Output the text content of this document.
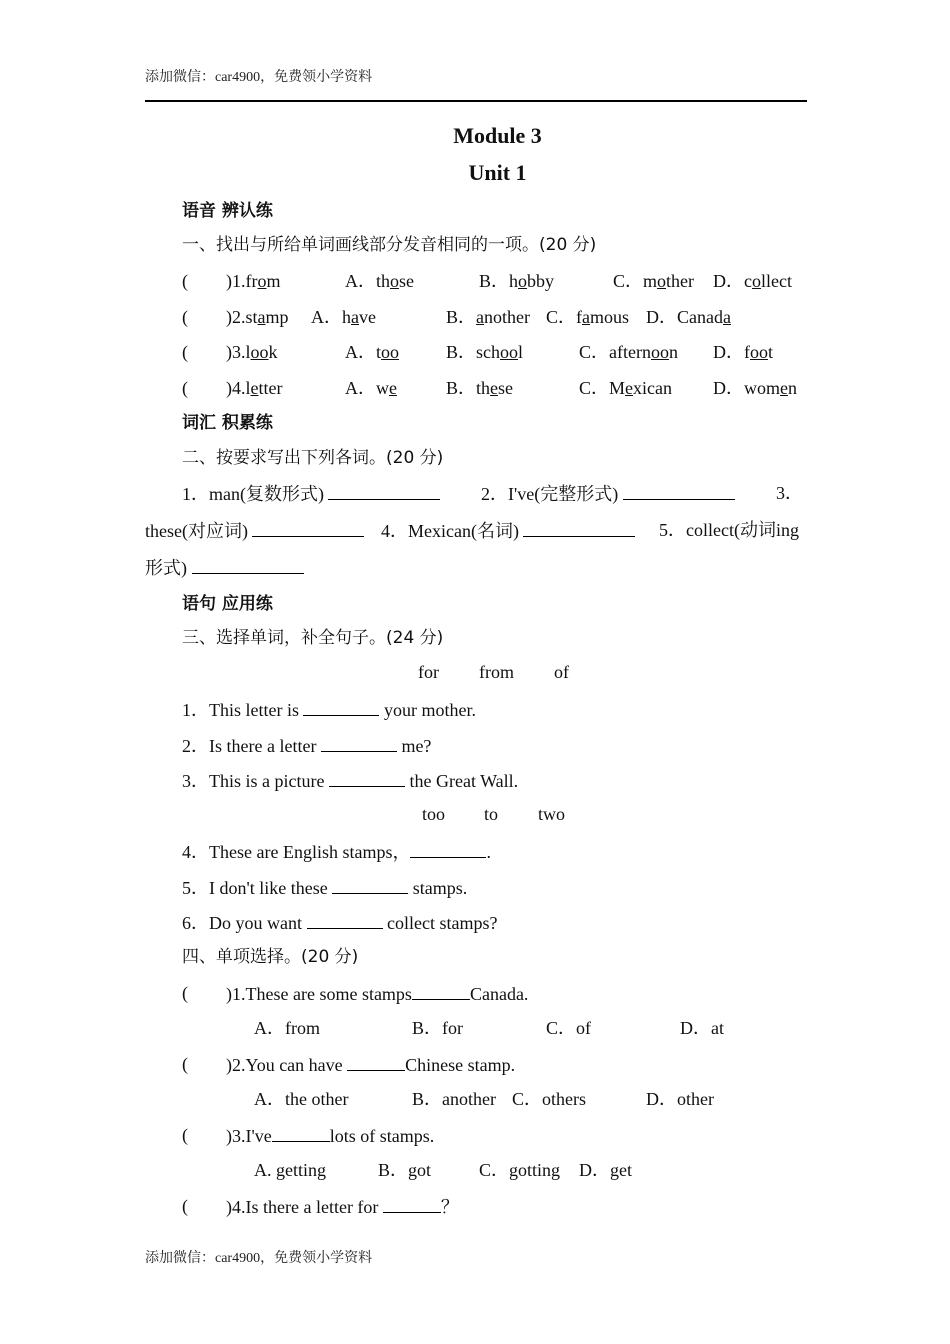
添加微信：car4900，免费领小学资料
Module 3
Unit 1
语音 辨认练
一、找出与所给单词画线部分发音相同的一项。(20 分)
( )1.from	A．those	B．hobby	C．mother D．collect
( )2.stamp A．have	B．another C．famous D．Canada
( )3.look	A．too	B．school	C．afternoon D．foot
( )4.letter	A．we	B．these	C．Mexican D．women
词汇 积累练
二、按要求写出下列各词。(20 分)
1．man(复数形式)	2．I've(完整形式)	3．
these(对应词)	4．Mexican(名词)	5．collect(动词ing
形式)
语句 应用练
三、选择单词，补全句子。(24 分)
for from of
1．This letter is	your mother.
2．Is there a letter	me?
3．This is a picture	the Great Wall.
too to two
4．These are English stamps，	.
5．I don't like these	stamps.
6．Do you want	collect stamps?
四、单项选择。(20 分)
( )1.These are some stamps	Canada.
A．from	B．for	C．of	D．at
( )2.You can have	Chinese stamp.
A．the other	B．another C．others	D．other
( )3.I've	lots of stamps.
A. getting	B．got	C．gotting D．get
( )4.Is there a letter for	？
添加微信：car4900，免费领小学资料
